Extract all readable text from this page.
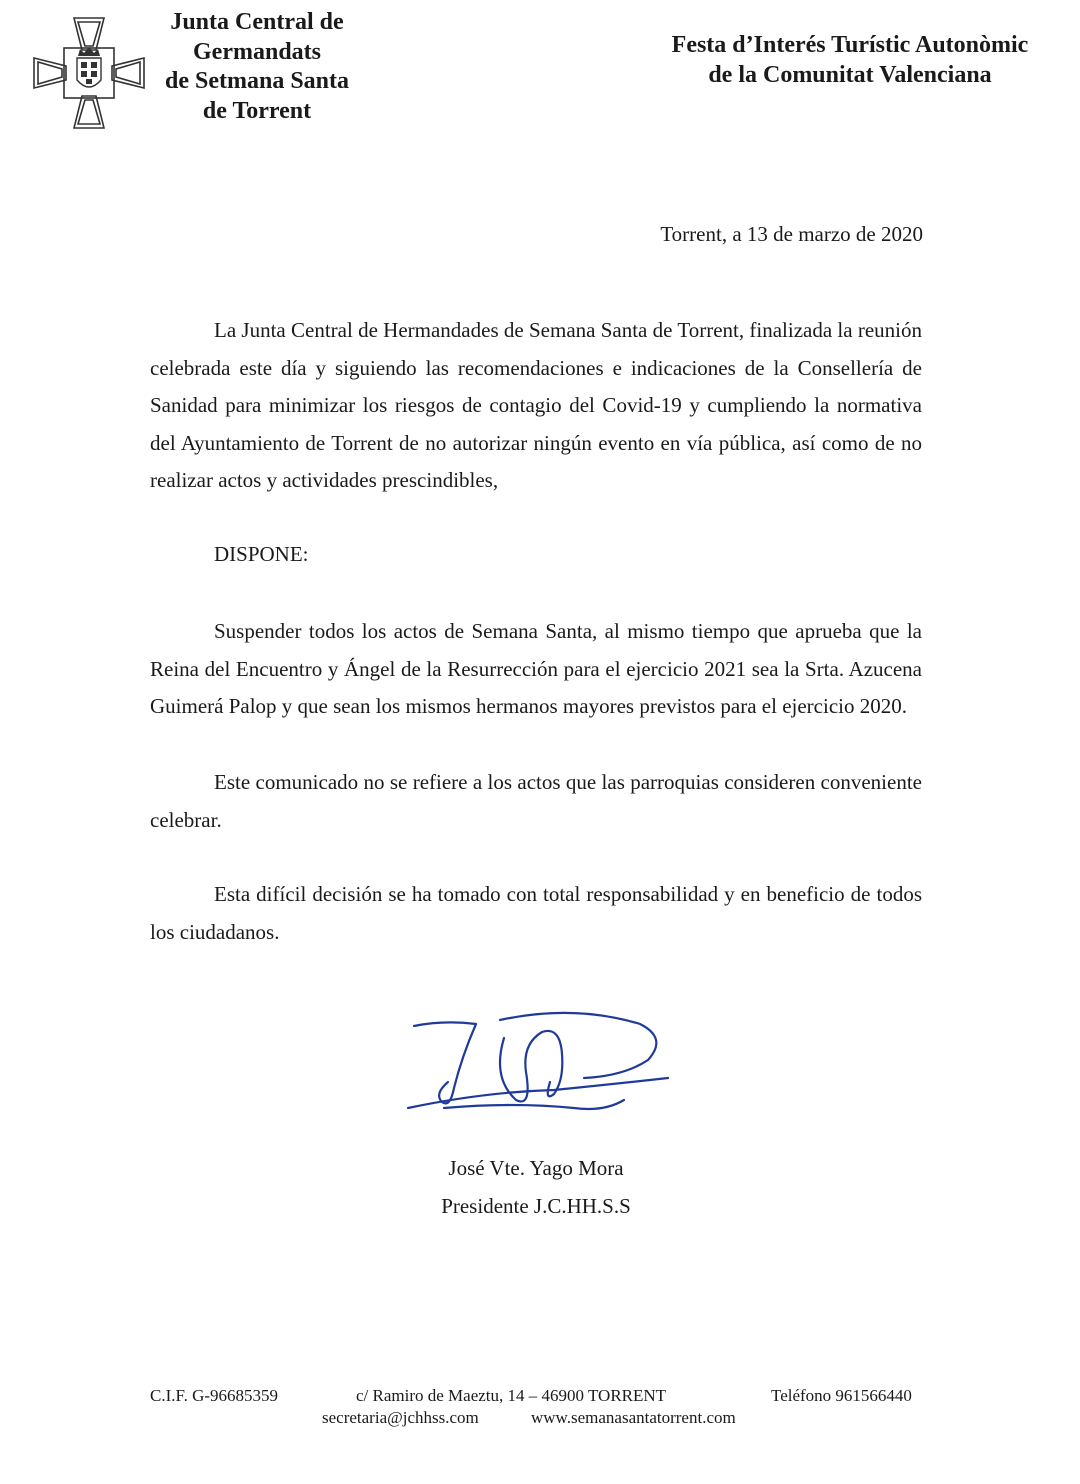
Junta Central de
Germandats
de Setmana Santa
de Torrent
Festa d’Interés Turístic Autonòmic
de la Comunitat Valenciana
Torrent, a 13 de marzo de 2020

La Junta Central de Hermandades de Semana Santa de Torrent, finalizada la reunión celebrada este día y siguiendo las recomendaciones e indicaciones de la Consellería de Sanidad para minimizar los riesgos de contagio del Covid-19 y cumpliendo la normativa del Ayuntamiento de Torrent de no autorizar ningún evento en vía pública, así como de no realizar actos y actividades prescindibles,

DISPONE:

Suspender todos los actos de Semana Santa, al mismo tiempo que aprueba que la Reina del Encuentro y Ángel de la Resurrección para el ejercicio 2021 sea la Srta. Azucena Guimerá Palop y que sean los mismos hermanos mayores previstos para el ejercicio 2020.

Este comunicado no se refiere a los actos que las parroquias consideren conveniente celebrar.

Esta difícil decisión se ha tomado con total responsabilidad y en beneficio de todos los ciudadanos.

José Vte. Yago Mora
Presidente J.C.HH.S.S
C.I.F. G-96685359	c/ Ramiro de Maeztu, 14 – 46900 TORRENT	Teléfono 961566440
secretaria@jchhss.com	www.semanasantatorrent.com
